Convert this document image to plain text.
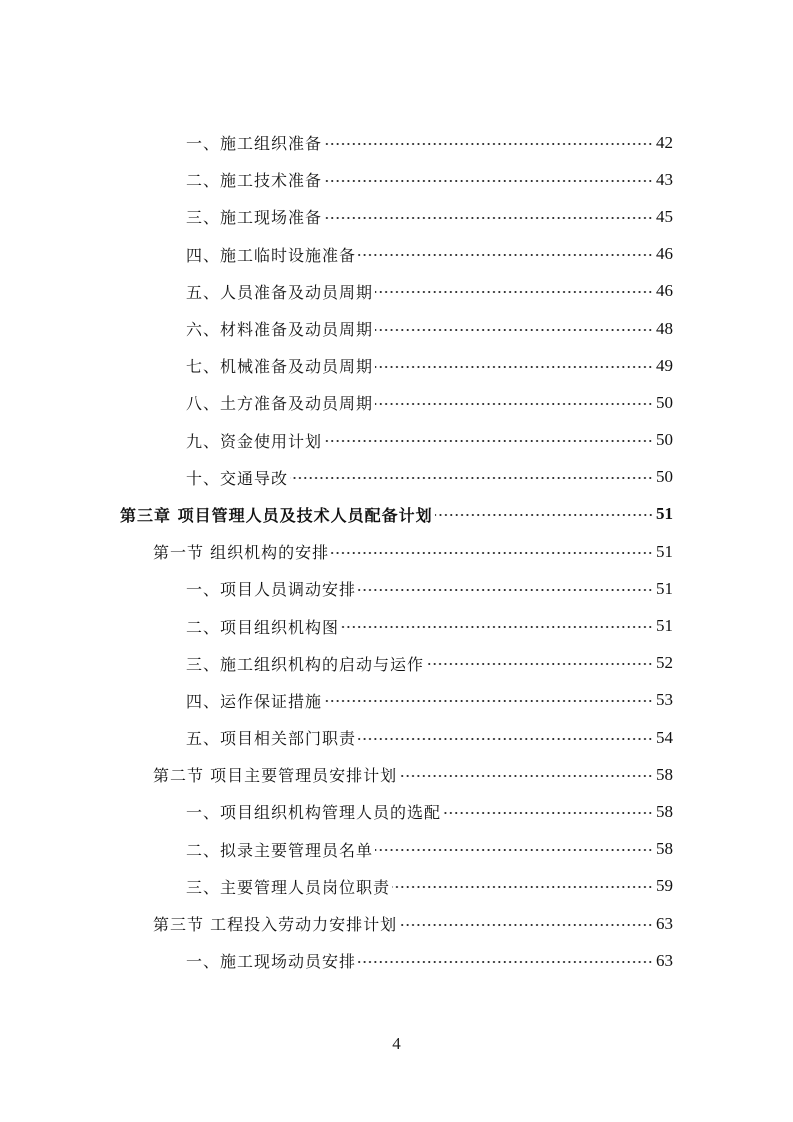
一、施工组织准备	42
二、施工技术准备	43
三、施工现场准备	45
四、施工临时设施准备	46
五、人员准备及动员周期	46
六、材料准备及动员周期	48
七、机械准备及动员周期	49
八、土方准备及动员周期	50
九、资金使用计划	50
十、交通导改	50
第三章 项目管理人员及技术人员配备计划	51
第一节 组织机构的安排	51
一、项目人员调动安排	51
二、项目组织机构图	51
三、施工组织机构的启动与运作	52
四、运作保证措施	53
五、项目相关部门职责	54
第二节 项目主要管理员安排计划	58
一、项目组织机构管理人员的选配	58
二、拟录主要管理员名单	58
三、主要管理人员岗位职责	59
第三节 工程投入劳动力安排计划	63
一、施工现场动员安排	63
4
